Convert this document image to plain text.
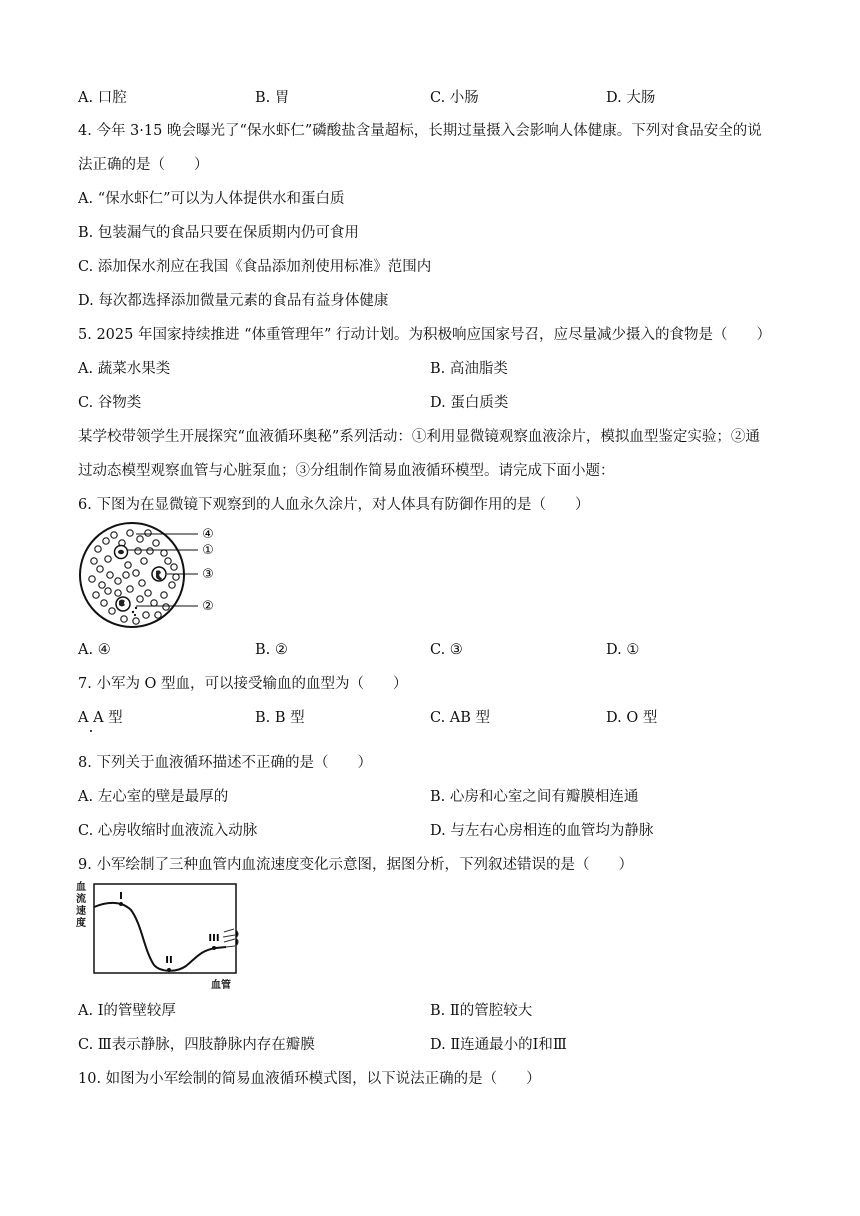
A. 口腔	B. 胃	C. 小肠	D. 大肠
4. 今年 3·15 晚会曝光了“保水虾仁”磷酸盐含量超标，长期过量摄入会影响人体健康。下列对食品安全的说
法正确的是（　　）
A. “保水虾仁”可以为人体提供水和蛋白质
B. 包装漏气的食品只要在保质期内仍可食用
C. 添加保水剂应在我国《食品添加剂使用标准》范围内
D. 每次都选择添加微量元素的食品有益身体健康
5. 2025 年国家持续推进 “体重管理年” 行动计划。为积极响应国家号召，应尽量减少摄入的食物是（　　）
A. 蔬菜水果类	B. 高油脂类
C. 谷物类	D. 蛋白质类
某学校带领学生开展探究“血液循环奥秘”系列活动：①利用显微镜观察血液涂片，模拟血型鉴定实验；②通
过动态模型观察血管与心脏泵血；③分组制作简易血液循环模型。请完成下面小题：
6. 下图为在显微镜下观察到的人血永久涂片，对人体具有防御作用的是（　　）
④
①
③
②
A. ④	B. ②	C. ③	D. ①
7. 小军为 O 型血，可以接受输血的血型为（　　）
A A 型	B. B 型	C. AB 型	D. O 型
8. 下列关于血液循环描述不正确的是（　　）
A. 左心室的壁是最厚的	B. 心房和心室之间有瓣膜相连通
C. 心房收缩时血液流入动脉	D. 与左右心房相连的血管均为静脉
9. 小军绘制了三种血管内血流速度变化示意图，据图分析，下列叙述错误的是（　　）
血流速度
I
II
III
血管
A. Ⅰ的管壁较厚	B. Ⅱ的管腔较大
C. Ⅲ表示静脉，四肢静脉内存在瓣膜	D. Ⅱ连通最小的Ⅰ和Ⅲ
10. 如图为小军绘制的简易血液循环模式图，以下说法正确的是（　　）
